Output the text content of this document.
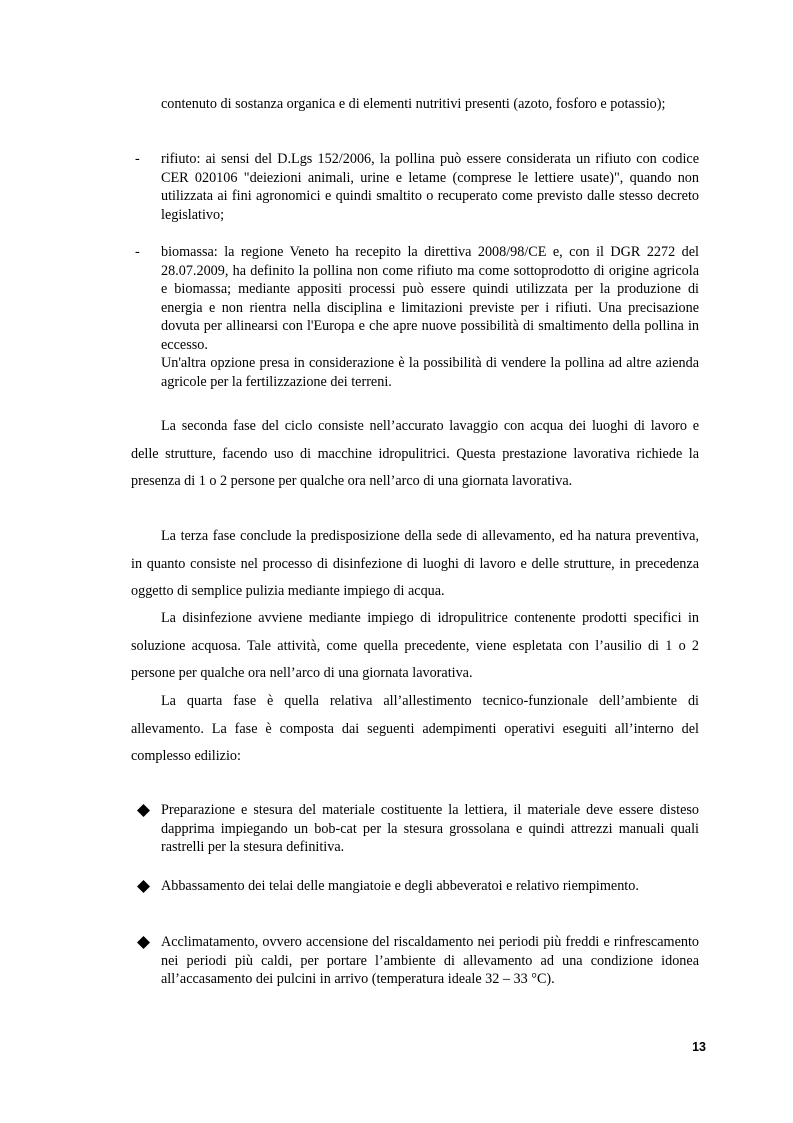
contenuto di sostanza organica e di elementi nutritivi presenti (azoto, fosforo e potassio);

- rifiuto: ai sensi del D.Lgs 152/2006, la pollina può essere considerata un rifiuto con codice CER 020106 "deiezioni animali, urine e letame (comprese le lettiere usate)", quando non utilizzata ai fini agronomici e quindi smaltito o recuperato come previsto dalle stesso decreto legislativo;

- biomassa: la regione Veneto ha recepito la direttiva 2008/98/CE e, con il DGR 2272 del 28.07.2009, ha definito la pollina non come rifiuto ma come sottoprodotto di origine agricola e biomassa; mediante appositi processi può essere quindi utilizzata per la produzione di energia e non rientra nella disciplina e limitazioni previste per i rifiuti. Una precisazione dovuta per allinearsi con l'Europa e che apre nuove possibilità di smaltimento della pollina in eccesso.

Un'altra opzione presa in considerazione è la possibilità di vendere la pollina ad altre azienda agricole per la fertilizzazione dei terreni.

La seconda fase del ciclo consiste nell’accurato lavaggio con acqua dei luoghi di lavoro e delle strutture, facendo uso di macchine idropulitrici. Questa prestazione lavorativa richiede la presenza di 1 o 2 persone per qualche ora nell’arco di una giornata lavorativa.

La terza fase conclude la predisposizione della sede di allevamento, ed ha natura preventiva, in quanto consiste nel processo di disinfezione di luoghi di lavoro e delle strutture, in precedenza oggetto di semplice pulizia mediante impiego di acqua.

La disinfezione avviene mediante impiego di idropulitrice contenente prodotti specifici in soluzione acquosa. Tale attività, come quella precedente, viene espletata con l’ausilio di 1 o 2 persone per qualche ora nell’arco di una giornata lavorativa.

La quarta fase è quella relativa all’allestimento tecnico-funzionale dell’ambiente di allevamento. La fase è composta dai seguenti adempimenti operativi eseguiti all’interno del complesso edilizio:

Preparazione e stesura del materiale costituente la lettiera, il materiale deve essere disteso dapprima impiegando un bob-cat per la stesura grossolana e quindi attrezzi manuali quali rastrelli per la stesura definitiva.

Abbassamento dei telai delle mangiatoie e degli abbeveratoi e relativo riempimento.

Acclimatamento, ovvero accensione del riscaldamento nei periodi più freddi e rinfrescamento nei periodi più caldi, per portare l’ambiente di allevamento ad una condizione idonea all’accasamento dei pulcini in arrivo (temperatura ideale 32 – 33 °C).

13
